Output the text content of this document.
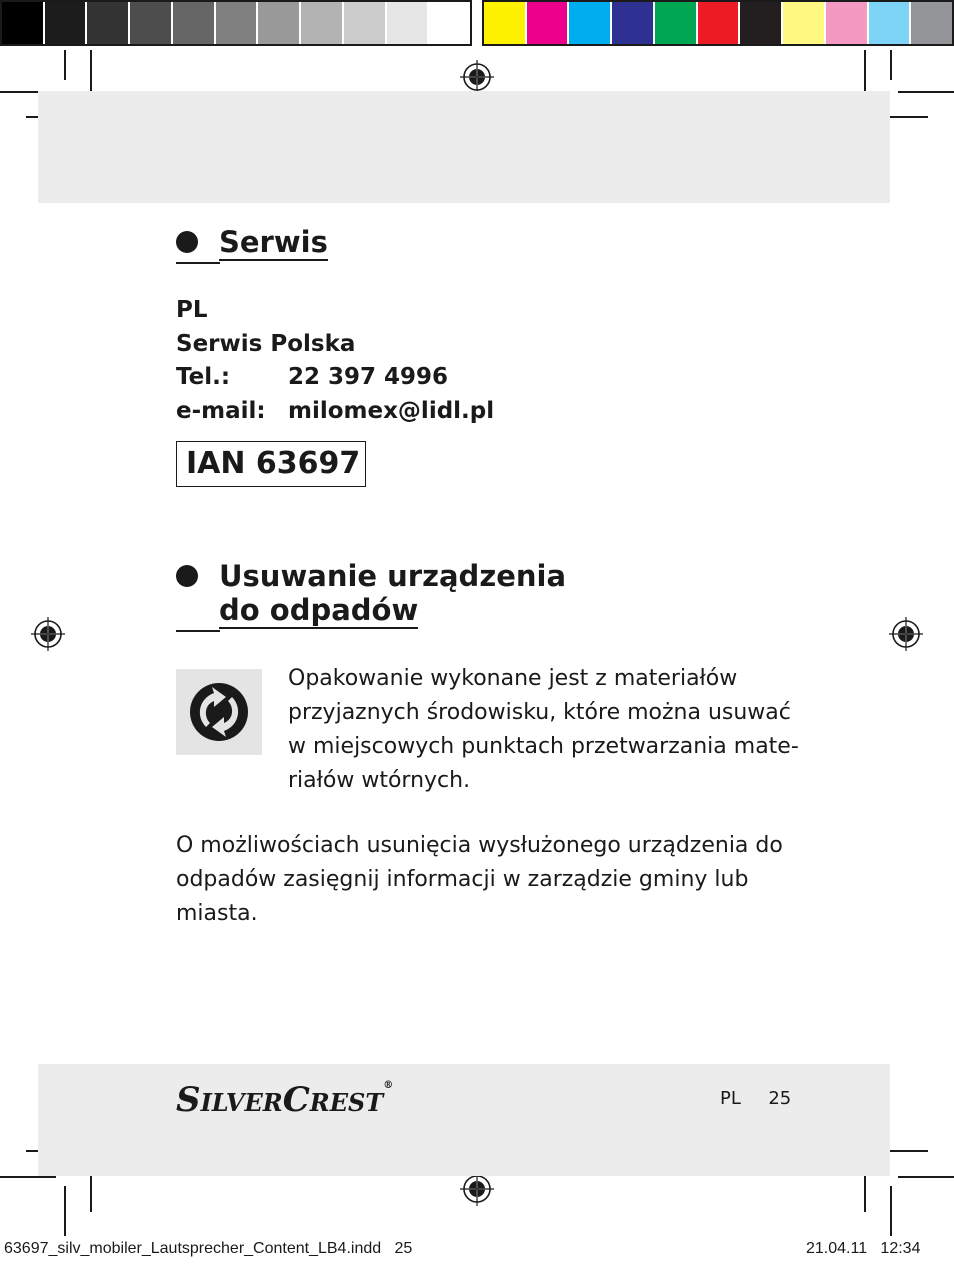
Serwis
PL
Serwis Polska
Tel.:	22 397 4996
e-mail: milomex@lidl.pl
IAN 63697
Usuwanie urządzenia
do odpadów
Opakowanie wykonane jest z materiałów
przyjaznych środowisku, które można usuwać
w miejscowych punktach przetwarzania mate-
riałów wtórnych.
O możliwościach usunięcia wysłużonego urządzenia do
odpadów zasięgnij informacji w zarządzie gminy lub
miasta.
SILVERCREST®
PL 25
63697_silv_mobiler_Lautsprecher_Content_LB4.indd   25	21.04.11   12:34
